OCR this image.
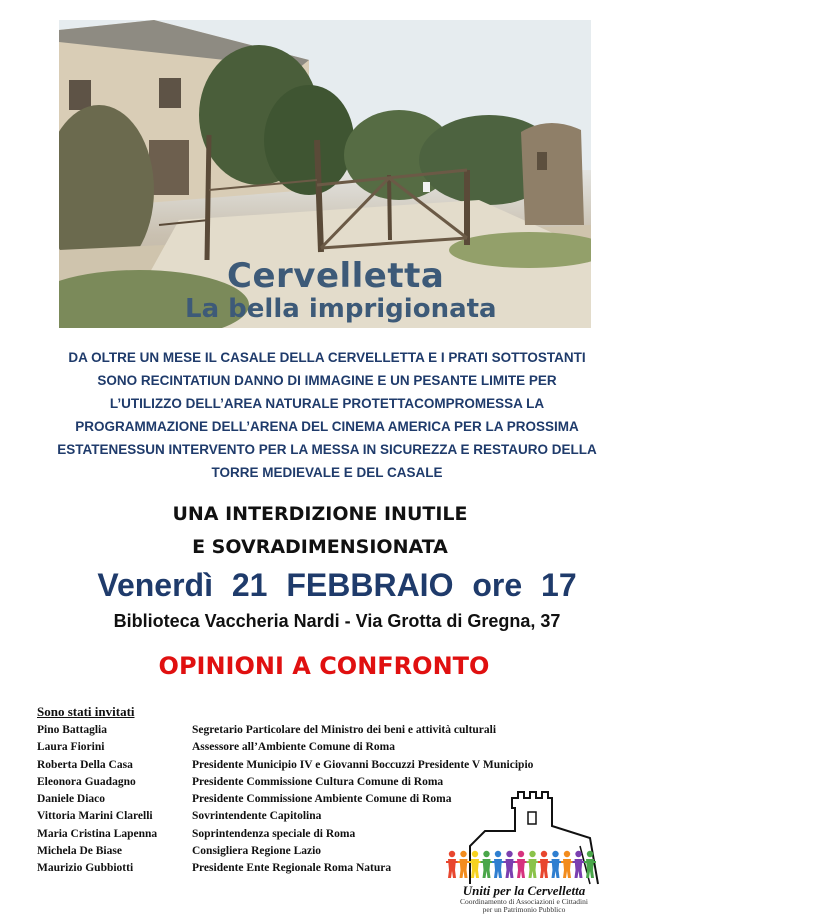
Cervelletta

La bella imprigionata

DA OLTRE UN MESE IL CASALE DELLA CERVELLETTA E I PRATI SOTTOSTANTI
SONO RECINTATIUN DANNO DI IMMAGINE E UN PESANTE LIMITE PER
L’UTILIZZO DELL’AREA NATURALE PROTETTACOMPROMESSA LA
PROGRAMMAZIONE DELL’ARENA DEL CINEMA AMERICA PER LA PROSSIMA
ESTATENESSUN INTERVENTO PER LA MESSA IN SICUREZZA E RESTAURO DELLA
TORRE MEDIEVALE E DEL CASALE

UNA INTERDIZIONE INUTILE
E SOVRADIMENSIONATA

Venerdì 21 FEBBRAIO ore 17

Biblioteca Vaccheria Nardi - Via Grotta di Gregna, 37

OPINIONI A CONFRONTO

Sono stati invitati

Pino Battaglia	Segretario Particolare del Ministro dei beni e attività culturali
Laura Fiorini	Assessore all’Ambiente Comune di Roma
Roberta Della Casa	Presidente Municipio IV e Giovanni Boccuzzi Presidente V Municipio
Eleonora Guadagno	Presidente Commissione Cultura Comune di Roma
Daniele Diaco	Presidente Commissione Ambiente Comune di Roma
Vittoria Marini Clarelli	Sovrintendente Capitolina
Maria Cristina Lapenna	Soprintendenza speciale di Roma
Michela De Biase	Consigliera Regione Lazio
Maurizio Gubbiotti	Presidente Ente Regionale Roma Natura

Uniti per la Cervelletta

Coordinamento di Associazioni e Cittadini
per un Patrimonio Pubblico
